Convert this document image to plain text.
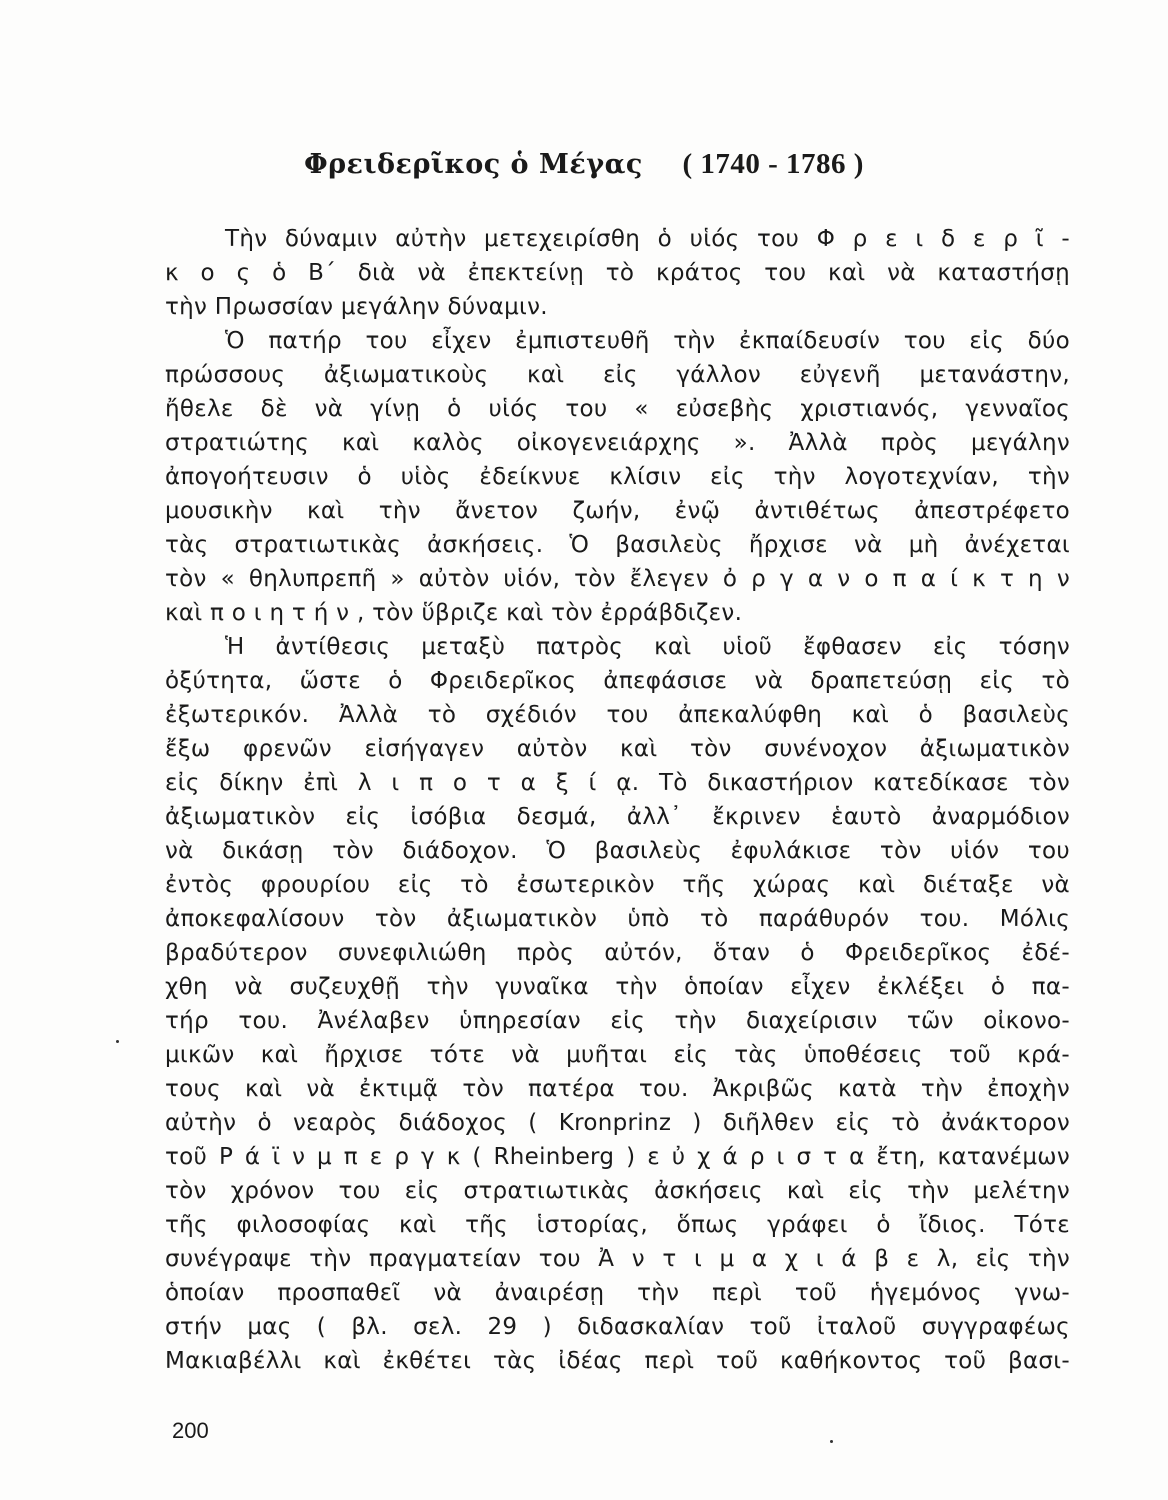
Φρειδερῖκος ὁ Μέγας ( 1740 - 1786 )
Τὴν δύναμιν αὐτὴν μετεχειρίσθη ὁ υἱός του Φ ρ ε ι δ ε ρ ῖ -
κ ο ς ὁ Β΄ διὰ νὰ ἐπεκτείνῃ τὸ κράτος του καὶ νὰ καταστήσῃ
τὴν Πρωσσίαν μεγάλην δύναμιν.
Ὁ πατήρ του εἶχεν ἐμπιστευθῆ τὴν ἐκπαίδευσίν του εἰς δύο
πρώσσους ἀξιωματικοὺς καὶ εἰς γάλλον εὐγενῆ μετανάστην,
ἤθελε δὲ νὰ γίνῃ ὁ υἱός του « εὐσεβὴς χριστιανός, γενναῖος
στρατιώτης καὶ καλὸς οἰκογενειάρχης ». Ἀλλὰ πρὸς μεγάλην
ἀπογοήτευσιν ὁ υἱὸς ἐδείκνυε κλίσιν εἰς τὴν λογοτεχνίαν, τὴν
μουσικὴν καὶ τὴν ἄνετον ζωήν, ἐνῷ ἀντιθέτως ἀπεστρέφετο
τὰς στρατιωτικὰς ἀσκήσεις. Ὁ βασιλεὺς ἤρχισε νὰ μὴ ἀνέχεται
τὸν « θηλυπρεπῆ » αὐτὸν υἱόν, τὸν ἔλεγεν ὀ ρ γ α ν ο π α ί κ τ η ν
καὶ π ο ι η τ ή ν , τὸν ὕβριζε καὶ τὸν ἐρράβδιζεν.
Ἡ ἀντίθεσις μεταξὺ πατρὸς καὶ υἱοῦ ἔφθασεν εἰς τόσην
ὀξύτητα, ὥστε ὁ Φρειδερῖκος ἀπεφάσισε νὰ δραπετεύσῃ εἰς τὸ
ἐξωτερικόν. Ἀλλὰ τὸ σχέδιόν του ἀπεκαλύφθη καὶ ὁ βασιλεὺς
ἔξω φρενῶν εἰσήγαγεν αὐτὸν καὶ τὸν συνένοχον ἀξιωματικὸν
εἰς δίκην ἐπὶ λ ι π ο τ α ξ ί ᾳ. Τὸ δικαστήριον κατεδίκασε τὸν
ἀξιωματικὸν εἰς ἰσόβια δεσμά, ἀλλ᾽ ἔκρινεν ἑαυτὸ ἀναρμόδιον
νὰ δικάσῃ τὸν διάδοχον. Ὁ βασιλεὺς ἐφυλάκισε τὸν υἱόν του
ἐντὸς φρουρίου εἰς τὸ ἐσωτερικὸν τῆς χώρας καὶ διέταξε νὰ
ἀποκεφαλίσουν τὸν ἀξιωματικὸν ὑπὸ τὸ παράθυρόν του. Μόλις
βραδύτερον συνεφιλιώθη πρὸς αὐτόν, ὅταν ὁ Φρειδερῖκος ἐδέ-
χθη νὰ συζευχθῇ τὴν γυναῖκα τὴν ὁποίαν εἶχεν ἐκλέξει ὁ πα-
τήρ του. Ἀνέλαβεν ὑπηρεσίαν εἰς τὴν διαχείρισιν τῶν οἰκονο-
μικῶν καὶ ἤρχισε τότε νὰ μυῆται εἰς τὰς ὑποθέσεις τοῦ κρά-
τους καὶ νὰ ἐκτιμᾷ τὸν πατέρα του. Ἀκριβῶς κατὰ τὴν ἐποχὴν
αὐτὴν ὁ νεαρὸς διάδοχος ( Kronprinz ) διῆλθεν εἰς τὸ ἀνάκτορον
τοῦ Ρ ά ϊ ν μ π ε ρ γ κ ( Rheinberg ) ε ὐ χ ά ρ ι σ τ α ἔτη, κατανέμων
τὸν χρόνον του εἰς στρατιωτικὰς ἀσκήσεις καὶ εἰς τὴν μελέτην
τῆς φιλοσοφίας καὶ τῆς ἱστορίας, ὅπως γράφει ὁ ἴδιος. Τότε
συνέγραψε τὴν πραγματείαν του Ἀ ν τ ι μ α χ ι ά β ε λ, εἰς τὴν
ὁποίαν προσπαθεῖ νὰ ἀναιρέσῃ τὴν περὶ τοῦ ἡγεμόνος γνω-
στήν μας ( βλ. σελ. 29 ) διδασκαλίαν τοῦ ἰταλοῦ συγγραφέως
Μακιαβέλλι καὶ ἐκθέτει τὰς ἰδέας περὶ τοῦ καθήκοντος τοῦ βασι-
200
